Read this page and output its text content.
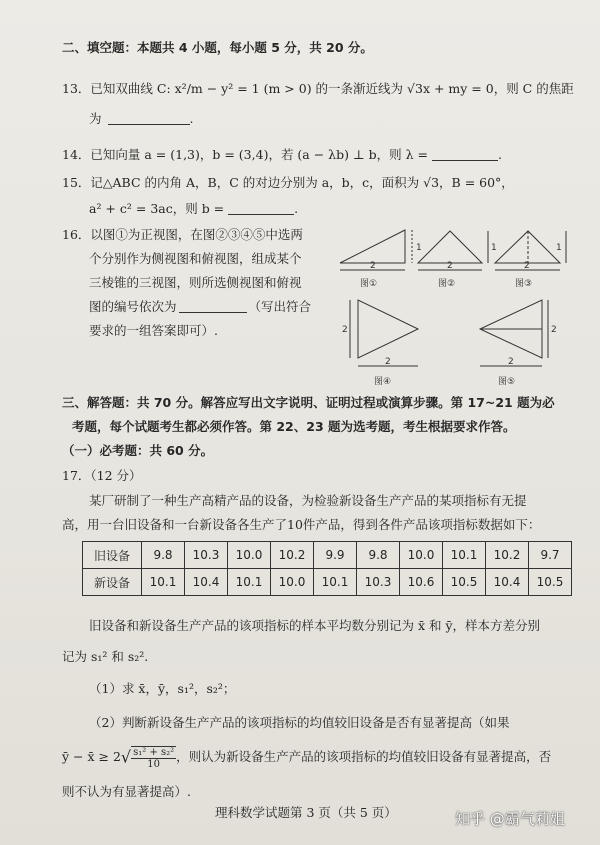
二、填空题：本题共 4 小题，每小题 5 分，共 20 分。
13．已知双曲线 C: x²/m − y² = 1 (m > 0) 的一条渐近线为 √3x + my = 0，则 C 的焦距
为	.
14．已知向量 a = (1,3)，b = (3,4)，若 (a − λb) ⊥ b，则 λ =	.
15．记△ABC 的内角 A，B，C 的对边分别为 a，b，c，面积为 √3，B = 60°，
a² + c² = 3ac，则 b =	.
16．以图①为正视图，在图②③④⑤中选两
个分别作为侧视图和俯视图，组成某个
三棱锥的三视图，则所选侧视图和俯视
图的编号依次为	（写出符合
要求的一组答案即可）.
2
1
2
1
2
1
2
2
2
2
图①	图②	图③
图④	图⑤
三、解答题：共 70 分。解答应写出文字说明、证明过程或演算步骤。第 17~21 题为必
考题，每个试题考生都必须作答。第 22、23 题为选考题，考生根据要求作答。
（一）必考题：共 60 分。
17．（12 分）
某厂研制了一种生产高精产品的设备，为检验新设备生产产品的某项指标有无提
高，用一台旧设备和一台新设备各生产了10件产品，得到各件产品该项指标数据如下：
旧设备	9.8	10.3	10.0	10.2	9.9	9.8	10.0	10.1	10.2	9.7
新设备	10.1	10.4	10.1	10.0	10.1	10.3	10.6	10.5	10.4	10.5
旧设备和新设备生产产品的该项指标的样本平均数分别记为 x̄ 和 ȳ，样本方差分别
记为 s₁² 和 s₂².
（1）求 x̄，ȳ，s₁²，s₂²；
（2）判断新设备生产产品的该项指标的均值较旧设备是否有显著提高（如果
ȳ − x̄ ≥ $2√ \frac{\text{s₁² + s₂²}}{10}$ ，则认为新设备生产产品的该项指标的均值较旧设备有显著提高，否
则不认为有显著提高）.
理科数学试题第 3 页（共 5 页）	知乎 @霸气莉姐
